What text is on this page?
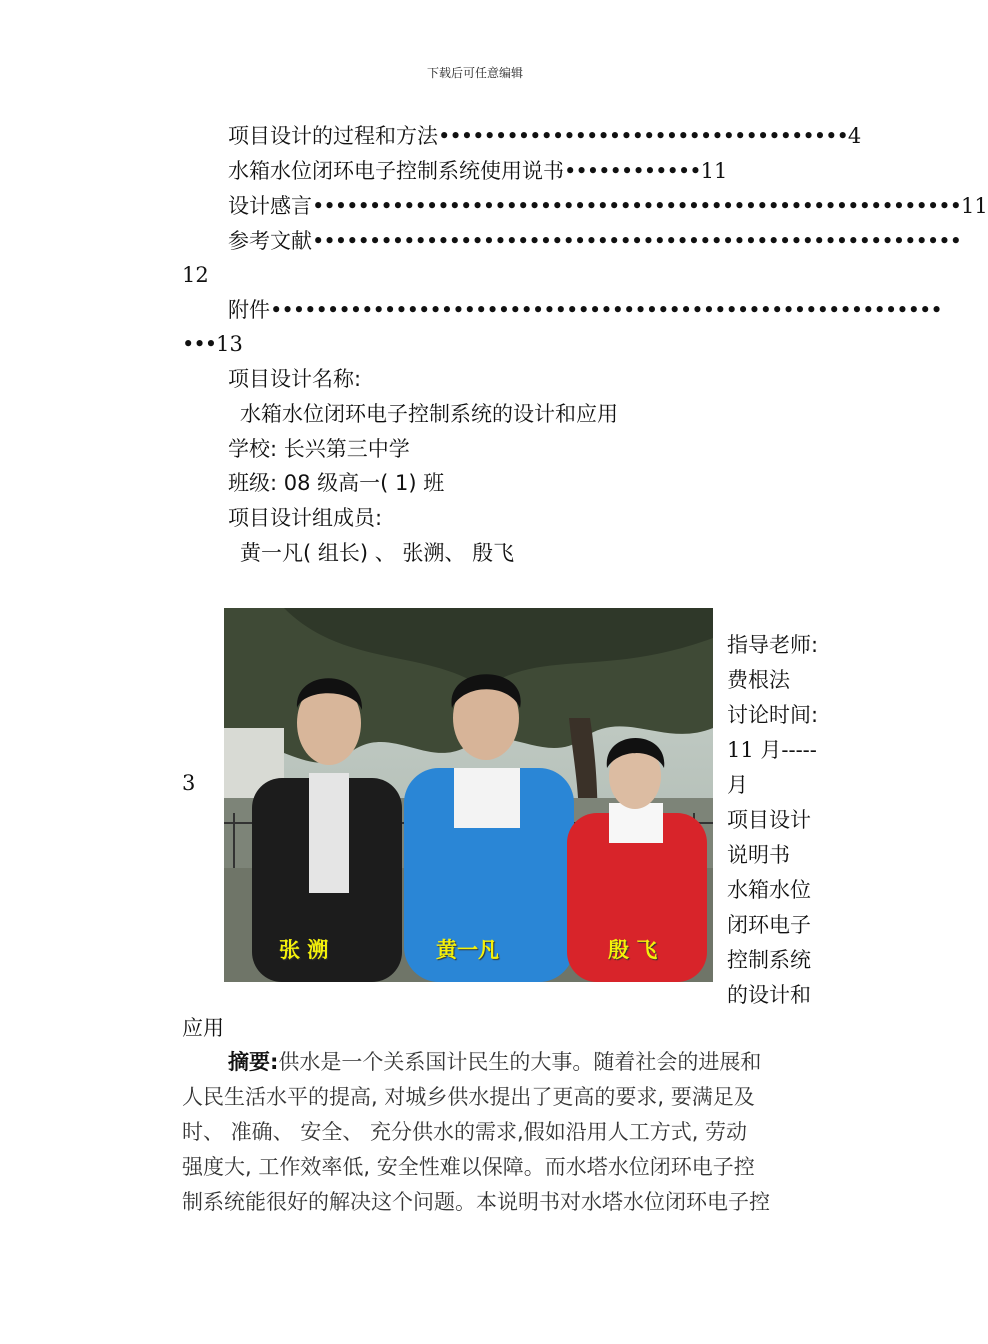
下载后可任意编辑
项目设计的过程和方法••••••••••••••••••••••••••••••••••••4
水箱水位闭环电子控制系统使用说书••••••••••••11
设计感言•••••••••••••••••••••••••••••••••••••••••••••••••••••••••11
参考文献•••••••••••••••••••••••••••••••••••••••••••••••••••••••••
12
附件•••••••••••••••••••••••••••••••••••••••••••••••••••••••••••
•••13
项目设计名称:
水箱水位闭环电子控制系统的设计和应用
学校: 长兴第三中学
班级: 08 级高一( 1) 班
项目设计组成员:
黄一凡( 组长) 、 张溯、 殷飞
3
张 溯	黄一凡	殷 飞
指导老师:
费根法
讨论时间:
11 月-----
月
项目设计
说明书
水箱水位
闭环电子
控制系统
的设计和
应用
摘要:供水是一个关系国计民生的大事。随着社会的进展和
人民生活水平的提高, 对城乡供水提出了更高的要求, 要满足及
时、 准确、 安全、 充分供水的需求,假如沿用人工方式, 劳动
强度大, 工作效率低, 安全性难以保障。而水塔水位闭环电子控
制系统能很好的解决这个问题。本说明书对水塔水位闭环电子控
